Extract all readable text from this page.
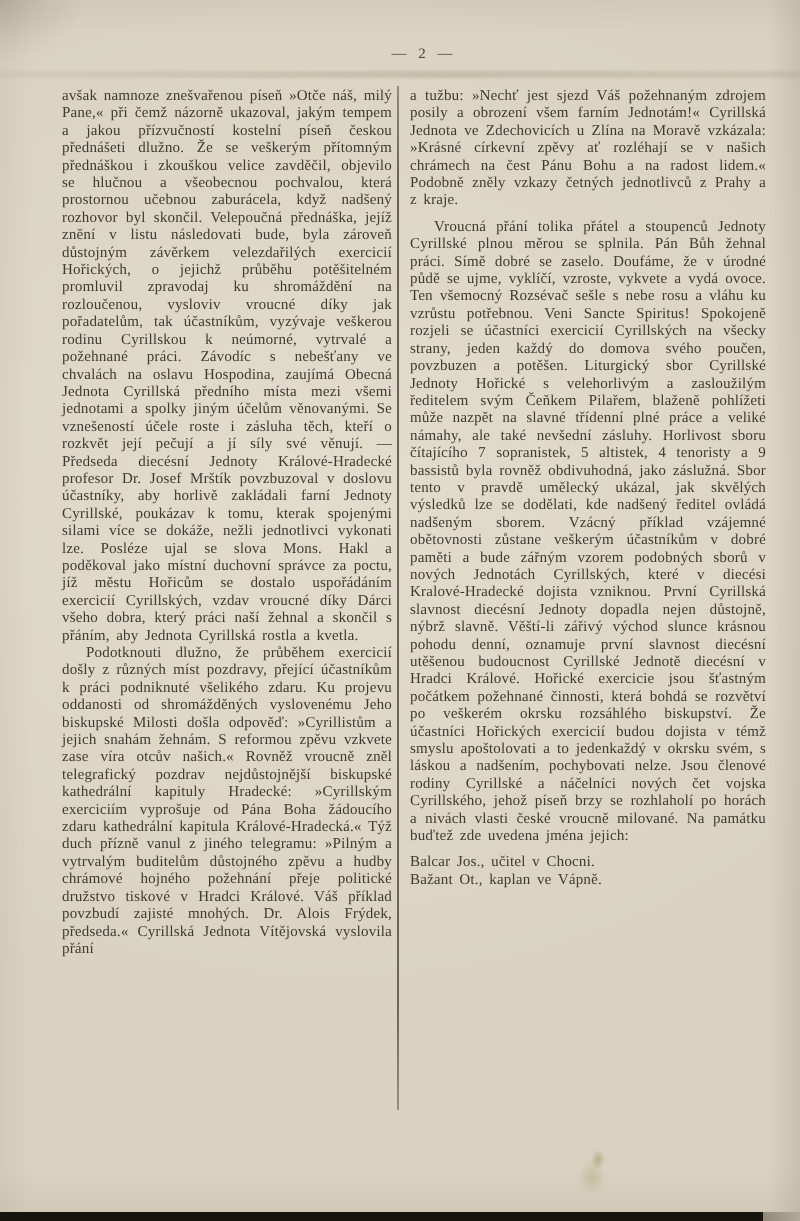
— 2 —

avšak namnoze znešvařenou píseň »Otče náš, milý Pane,« při čemž názorně ukazoval, jakým tempem a jakou přízvučností kostelní píseň českou přednášeti dlužno. Že se veškerým přítomným přednáškou i zkouškou velice zavděčil, objevilo se hlučnou a všeobecnou pochvalou, která prostornou učebnou zaburácela, když nadšený rozhovor byl skončil. Velepoučná přednáška, jejíž znění v listu následovati bude, byla zároveň důstojným závěrkem velezdařilých exercicií Hořických, o jejichž průběhu potěšitelném promluvil zpravodaj ku shromáždění na rozloučenou, vysloviv vroucné díky jak pořadatelům, tak účastníkům, vyzývaje veškerou rodinu Cyrillskou k neúmorné, vytrvalé a požehnané práci. Závodíc s nebešťany ve chvalách na oslavu Hospodina, zaujímá Obecná Jednota Cyrillská předního místa mezi všemi jednotami a spolky jiným účelům věnovanými. Se vznešeností účele roste i zásluha těch, kteří o rozkvět její pečují a jí síly své věnují. — Předseda diecésní Jednoty Králové-Hradecké profesor Dr. Josef Mrštík povzbuzoval v doslovu účastníky, aby horlivě zakládali farní Jednoty Cyrillské, poukázav k tomu, kterak spojenými silami více se dokáže, nežli jednotlivci vykonati lze. Posléze ujal se slova Mons. Hakl a poděkoval jako místní duchovní správce za poctu, jíž městu Hořicům se dostalo uspořádáním exercicií Cyrillských, vzdav vroucné díky Dárci všeho dobra, který práci naší žehnal a skončil s přáním, aby Jednota Cyrillská rostla a kvetla.

Podotknouti dlužno, že průběhem exercicií došly z různých míst pozdravy, přející účastníkům k práci podniknuté všelikého zdaru. Ku projevu oddanosti od shromážděných vyslovenému Jeho biskupské Milosti došla odpověď: »Cyrillistům a jejich snahám žehnám. S reformou zpěvu vzkvete zase víra otcův našich.« Rovněž vroucně zněl telegrafický pozdrav nejdůstojnější biskupské kathedrální kapituly Hradecké: »Cyrillským exerciciím vyprošuje od Pána Boha žádoucího zdaru kathedrální kapitula Králové-Hradecká.« Týž duch přízně vanul z jiného telegramu: »Pilným a vytrvalým buditelům důstojného zpěvu a hudby chrámové hojného požehnání přeje politické družstvo tiskové v Hradci Králové. Váš příklad povzbudí zajisté mnohých. Dr. Alois Frýdek, předseda.« Cyrillská Jednota Vítějovská vyslovila přání

a tužbu: »Nechť jest sjezd Váš požehnaným zdrojem posily a obrození všem farním Jednotám!« Cyrillská Jednota ve Zdechovicích u Zlína na Moravě vzkázala: »Krásné církevní zpěvy ať rozléhají se v našich chrámech na čest Pánu Bohu a na radost lidem.« Podobně zněly vzkazy četných jednotlivců z Prahy a z kraje.

Vroucná přání tolika přátel a stoupenců Jednoty Cyrillské plnou měrou se splnila. Pán Bůh žehnal práci. Símě dobré se zaselo. Doufáme, že v úrodné půdě se ujme, vyklíčí, vzroste, vykvete a vydá ovoce. Ten všemocný Rozsévač sešle s nebe rosu a vláhu ku vzrůstu potřebnou. Veni Sancte Spiritus! Spokojeně rozjeli se účastníci exercicií Cyrillských na všecky strany, jeden každý do domova svého poučen, povzbuzen a potěšen. Liturgický sbor Cyrillské Jednoty Hořické s velehorlivým a zasloužilým ředitelem svým Čeňkem Pilařem, blaženě pohlížeti může nazpět na slavné třídenní plné práce a veliké námahy, ale také nevšední zásluhy. Horlivost sboru čítajícího 7 sopranistek, 5 altistek, 4 tenoristy a 9 bassistů byla rovněž obdivuhodná, jako záslužná. Sbor tento v pravdě umělecký ukázal, jak skvělých výsledků lze se dodělati, kde nadšený ředitel ovládá nadšeným sborem. Vzácný příklad vzájemné obětovnosti zůstane veškerým účastníkům v dobré paměti a bude zářným vzorem podobných sborů v nových Jednotách Cyrillských, které v diecési Kralové-Hradecké dojista vzniknou. První Cyrillská slavnost diecésní Jednoty dopadla nejen důstojně, nýbrž slavně. Věští-li zářivý východ slunce krásnou pohodu denní, oznamuje první slavnost diecésní utěšenou budoucnost Cyrillské Jednotě diecésní v Hradci Králové. Hořické exercicie jsou šťastným počátkem požehnané činnosti, která bohdá se rozvětví po veškerém okrsku rozsáhlého biskupství. Že účastníci Hořických exercicií budou dojista v témž smyslu apoštolovati a to jedenkaždý v okrsku svém, s láskou a nadšením, pochybovati nelze. Jsou členové rodiny Cyrillské a náčelníci nových čet vojska Cyrillského, jehož píseň brzy se rozhlaholí po horách a nivách vlasti české vroucně milované. Na památku buďtež zde uvedena jména jejich:

Balcar Jos., učitel v Chocni.

Bažant Ot., kaplan ve Vápně.
